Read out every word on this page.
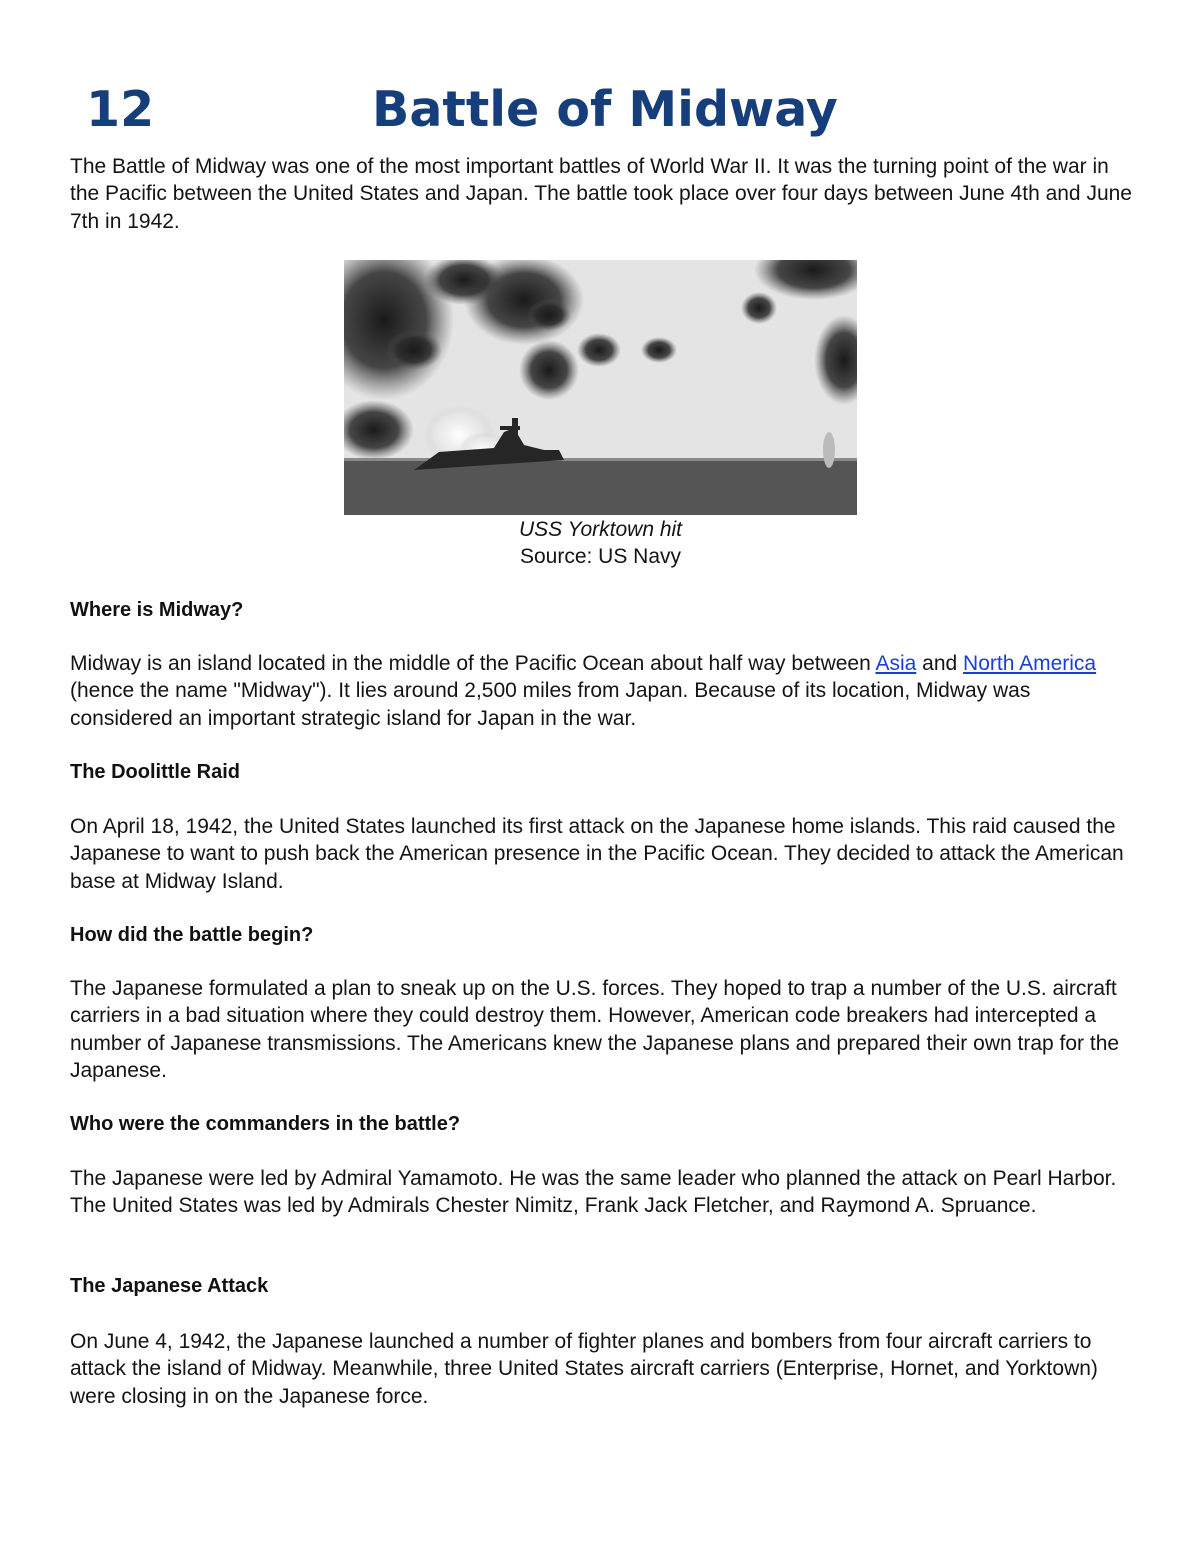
12	Battle of Midway

The Battle of Midway was one of the most important battles of World War II. It was the turning point of the war in the Pacific between the United States and Japan. The battle took place over four days between June 4th and June 7th in 1942.

USS Yorktown hit
Source: US Navy
Where is Midway?

Midway is an island located in the middle of the Pacific Ocean about half way between Asia and North America (hence the name "Midway"). It lies around 2,500 miles from Japan. Because of its location, Midway was considered an important strategic island for Japan in the war.

The Doolittle Raid

On April 18, 1942, the United States launched its first attack on the Japanese home islands. This raid caused the Japanese to want to push back the American presence in the Pacific Ocean. They decided to attack the American base at Midway Island.

How did the battle begin?

The Japanese formulated a plan to sneak up on the U.S. forces. They hoped to trap a number of the U.S. aircraft carriers in a bad situation where they could destroy them. However, American code breakers had intercepted a number of Japanese transmissions. The Americans knew the Japanese plans and prepared their own trap for the Japanese.

Who were the commanders in the battle?

The Japanese were led by Admiral Yamamoto. He was the same leader who planned the attack on Pearl Harbor. The United States was led by Admirals Chester Nimitz, Frank Jack Fletcher, and Raymond A. Spruance.

The Japanese Attack

On June 4, 1942, the Japanese launched a number of fighter planes and bombers from four aircraft carriers to attack the island of Midway. Meanwhile, three United States aircraft carriers (Enterprise, Hornet, and Yorktown) were closing in on the Japanese force.
